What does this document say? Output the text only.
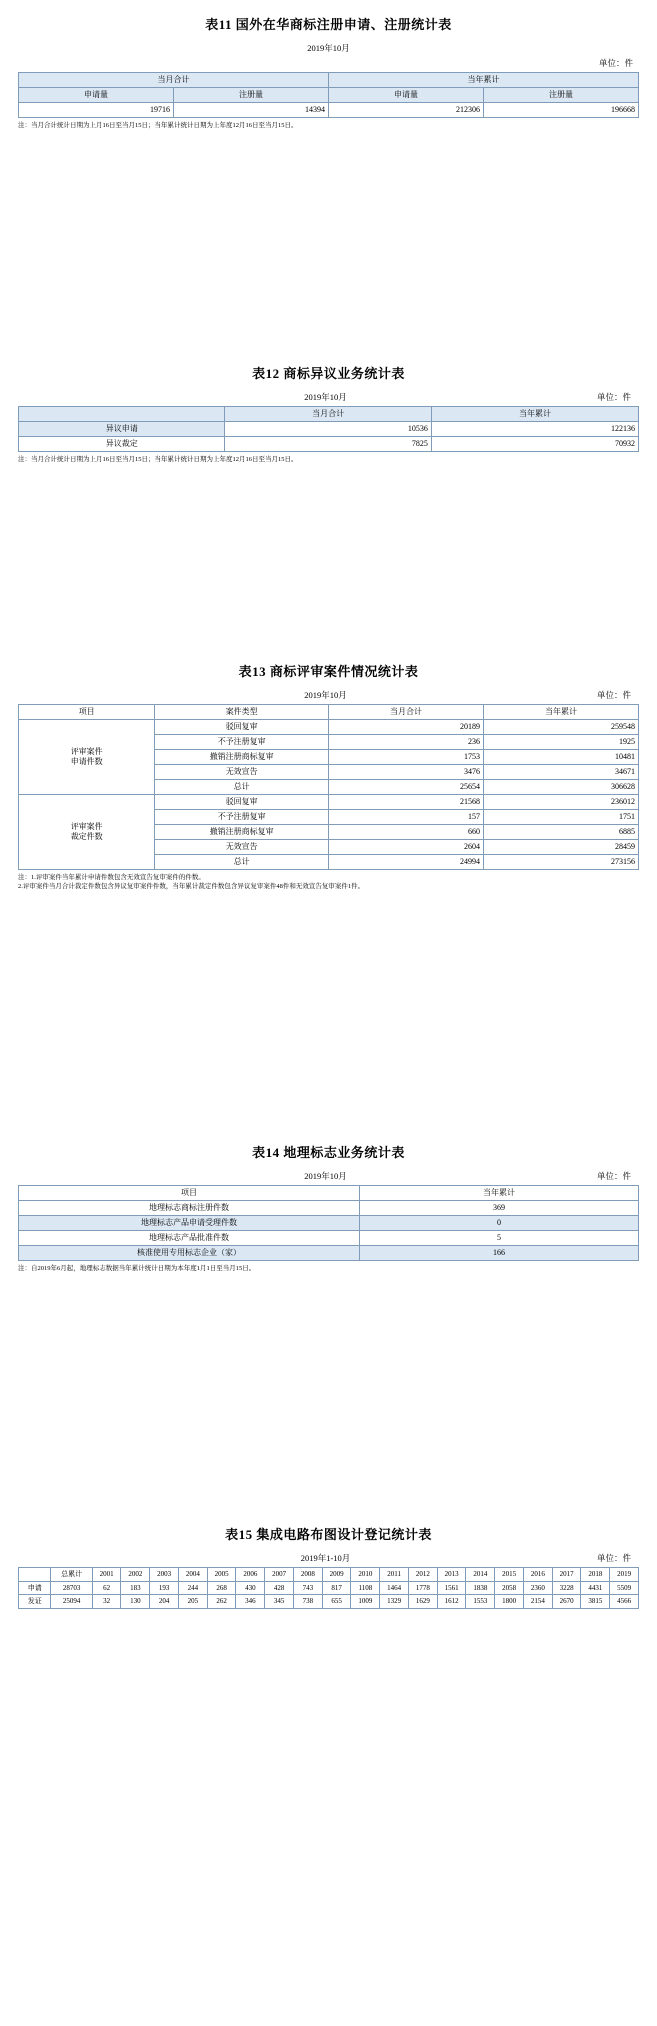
表11 国外在华商标注册申请、注册统计表
2019年10月
单位：件
当月合计		当年累计	
申请量	注册量	申请量	注册量
19716	14394	212306	196668
注：当月合计统计日期为上月16日至当月15日；当年累计统计日期为上年度12月16日至当月15日。
表12 商标异议业务统计表
2019年10月	单位：件
	当月合计	当年累计
异议申请	10536	122136
异议裁定	7825	70932
注：当月合计统计日期为上月16日至当月15日；当年累计统计日期为上年度12月16日至当月15日。
表13 商标评审案件情况统计表
2019年10月	单位：件
项目	案件类型	当月合计	当年累计

评审案件
申请件数	驳回复审	20189	259548
	不予注册复审	236	1925
	撤销注册商标复审	1753	10481
	无效宣告	3476	34671
	总计	25654	306628

评审案件
裁定件数	驳回复审	21568	236012
	不予注册复审	157	1751
	撤销注册商标复审	660	6885
	无效宣告	2604	28459
	总计	24994	273156
注：1.评审案件当年累计申请件数包含无效宣告复审案件的件数。
2.评审案件当月合计裁定件数包含异议复审案件件数，当年累计裁定件数包含异议复审案件48件和无效宣告复审案件1件。
表14 地理标志业务统计表
2019年10月	单位：件
项目	当年累计
地理标志商标注册件数	369
地理标志产品申请受理件数	0
地理标志产品批准件数	5
核准使用专用标志企业（家）	166
注：自2019年6月起，地理标志数据当年累计统计日期为本年度1月1日至当月15日。
表15 集成电路布图设计登记统计表
2019年1-10月	单位：件
	总累计	2001	2002	2003	2004	2005	2006	2007	2008	2009	2010	2011	2012	2013	2014	2015	2016	2017	2018	2019
申请	28703	62	183	193	244	268	430	428	743	817	1108	1464	1778	1561	1838	2058	2360	3228	4431	5509
发证	25094	32	130	204	205	262	346	345	738	655	1009	1329	1629	1612	1553	1800	2154	2670	3815	4566
